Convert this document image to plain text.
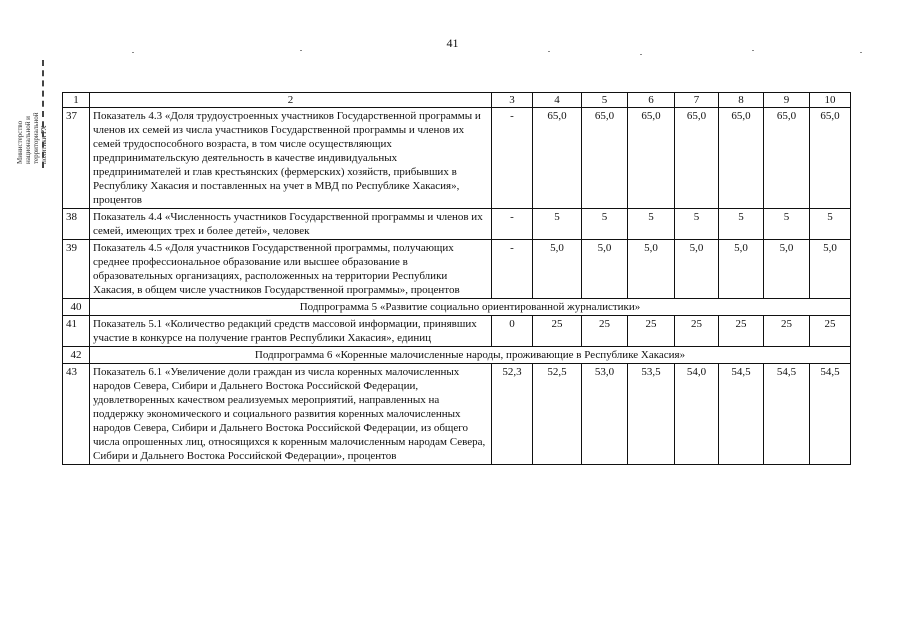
41
Министерство национальной и территориальной политики РХ
1	2	3	4	5	6	7	8	9	10
37	Показатель 4.3 «Доля трудоустроенных участников Государственной программы и членов их семей из числа участников Государственной программы и членов их семей трудоспособного возраста, в том числе осуществляющих предпринимательскую деятельность в качестве индивидуальных предпринимателей и глав крестьянских (фермерских) хозяйств, прибывших в Республику Хакасия и поставленных на учет в МВД по Республике Хакасия», процентов	-	65,0	65,0	65,0	65,0	65,0	65,0	65,0
38	Показатель 4.4 «Численность участников Государственной программы и членов их семей, имеющих трех и более детей», человек	-	5	5	5	5	5	5	5
39	Показатель 4.5 «Доля участников Государственной программы, получающих среднее профессиональное образование или высшее образование в образовательных организациях, расположенных на территории Республики Хакасия, в общем числе участников Государственной программы», процентов	-	5,0	5,0	5,0	5,0	5,0	5,0	5,0
40	Подпрограмма 5 «Развитие социально ориентированной журналистики»								
41	Показатель 5.1 «Количество редакций средств массовой информации, принявших участие в конкурсе на получение грантов Республики Хакасия», единиц	0	25	25	25	25	25	25	25
42	Подпрограмма 6 «Коренные малочисленные народы, проживающие в Республике Хакасия»								
43	Показатель 6.1 «Увеличение доли граждан из числа коренных малочисленных народов Севера, Сибири и Дальнего Востока Российской Федерации, удовлетворенных качеством реализуемых мероприятий, направленных на поддержку экономического и социального развития коренных малочисленных народов Севера, Сибири и Дальнего Востока Российской Федерации, из общего числа опрошенных лиц, относящихся к коренным малочисленным народам Севера, Сибири и Дальнего Востока Российской Федерации», процентов	52,3	52,5	53,0	53,5	54,0	54,5	54,5	54,5
